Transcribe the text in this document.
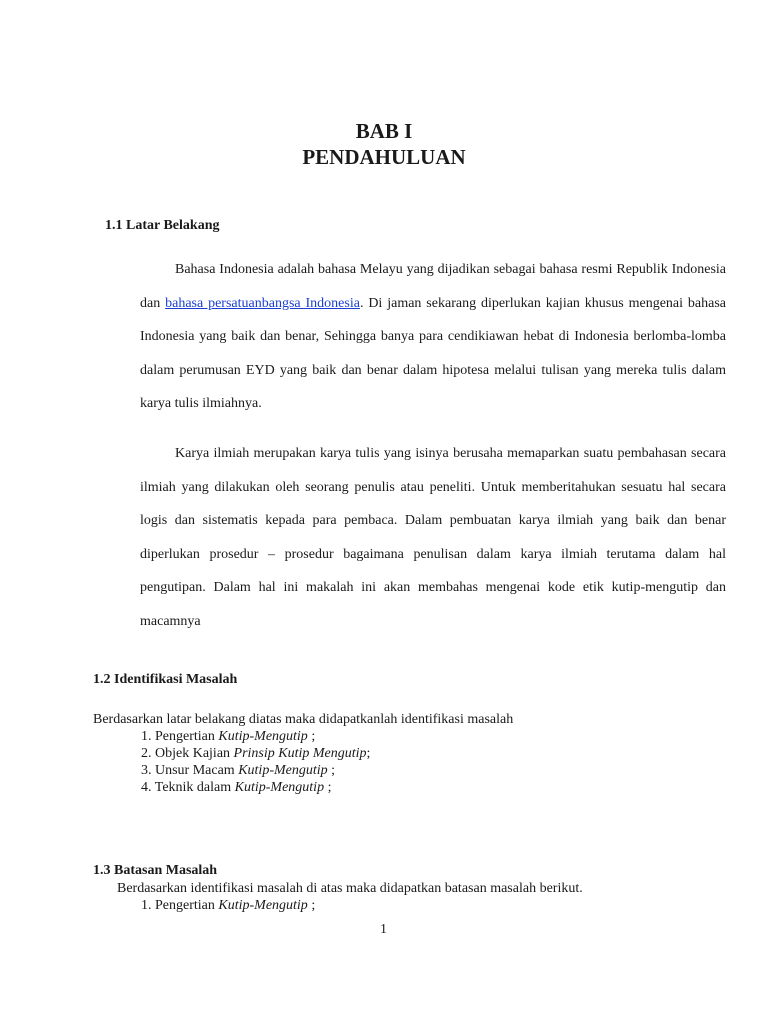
BAB I
PENDAHULUAN
1.1 Latar Belakang
Bahasa Indonesia adalah bahasa Melayu yang dijadikan sebagai bahasa resmi Republik Indonesia dan bahasa persatuanbangsa Indonesia. Di jaman sekarang diperlukan kajian khusus mengenai bahasa Indonesia yang baik dan benar, Sehingga banya para cendikiawan hebat di Indonesia berlomba-lomba dalam perumusan EYD yang baik dan benar dalam hipotesa melalui tulisan yang mereka tulis dalam karya tulis ilmiahnya.
Karya ilmiah merupakan karya tulis yang isinya berusaha memaparkan suatu pembahasan secara ilmiah yang dilakukan oleh seorang penulis atau peneliti. Untuk memberitahukan sesuatu hal secara logis dan sistematis kepada para pembaca. Dalam pembuatan karya ilmiah yang baik dan benar diperlukan prosedur – prosedur bagaimana penulisan dalam karya ilmiah terutama dalam hal pengutipan. Dalam hal ini makalah ini akan membahas mengenai kode etik kutip-mengutip dan macamnya
1.2 Identifikasi Masalah
Berdasarkan latar belakang diatas maka didapatkanlah identifikasi masalah
1. Pengertian Kutip-Mengutip ;
2. Objek Kajian Prinsip Kutip Mengutip;
3. Unsur Macam Kutip-Mengutip ;
4. Teknik dalam Kutip-Mengutip ;
1.3 Batasan Masalah
Berdasarkan identifikasi masalah di atas maka didapatkan batasan masalah berikut.
1. Pengertian Kutip-Mengutip ;
1
